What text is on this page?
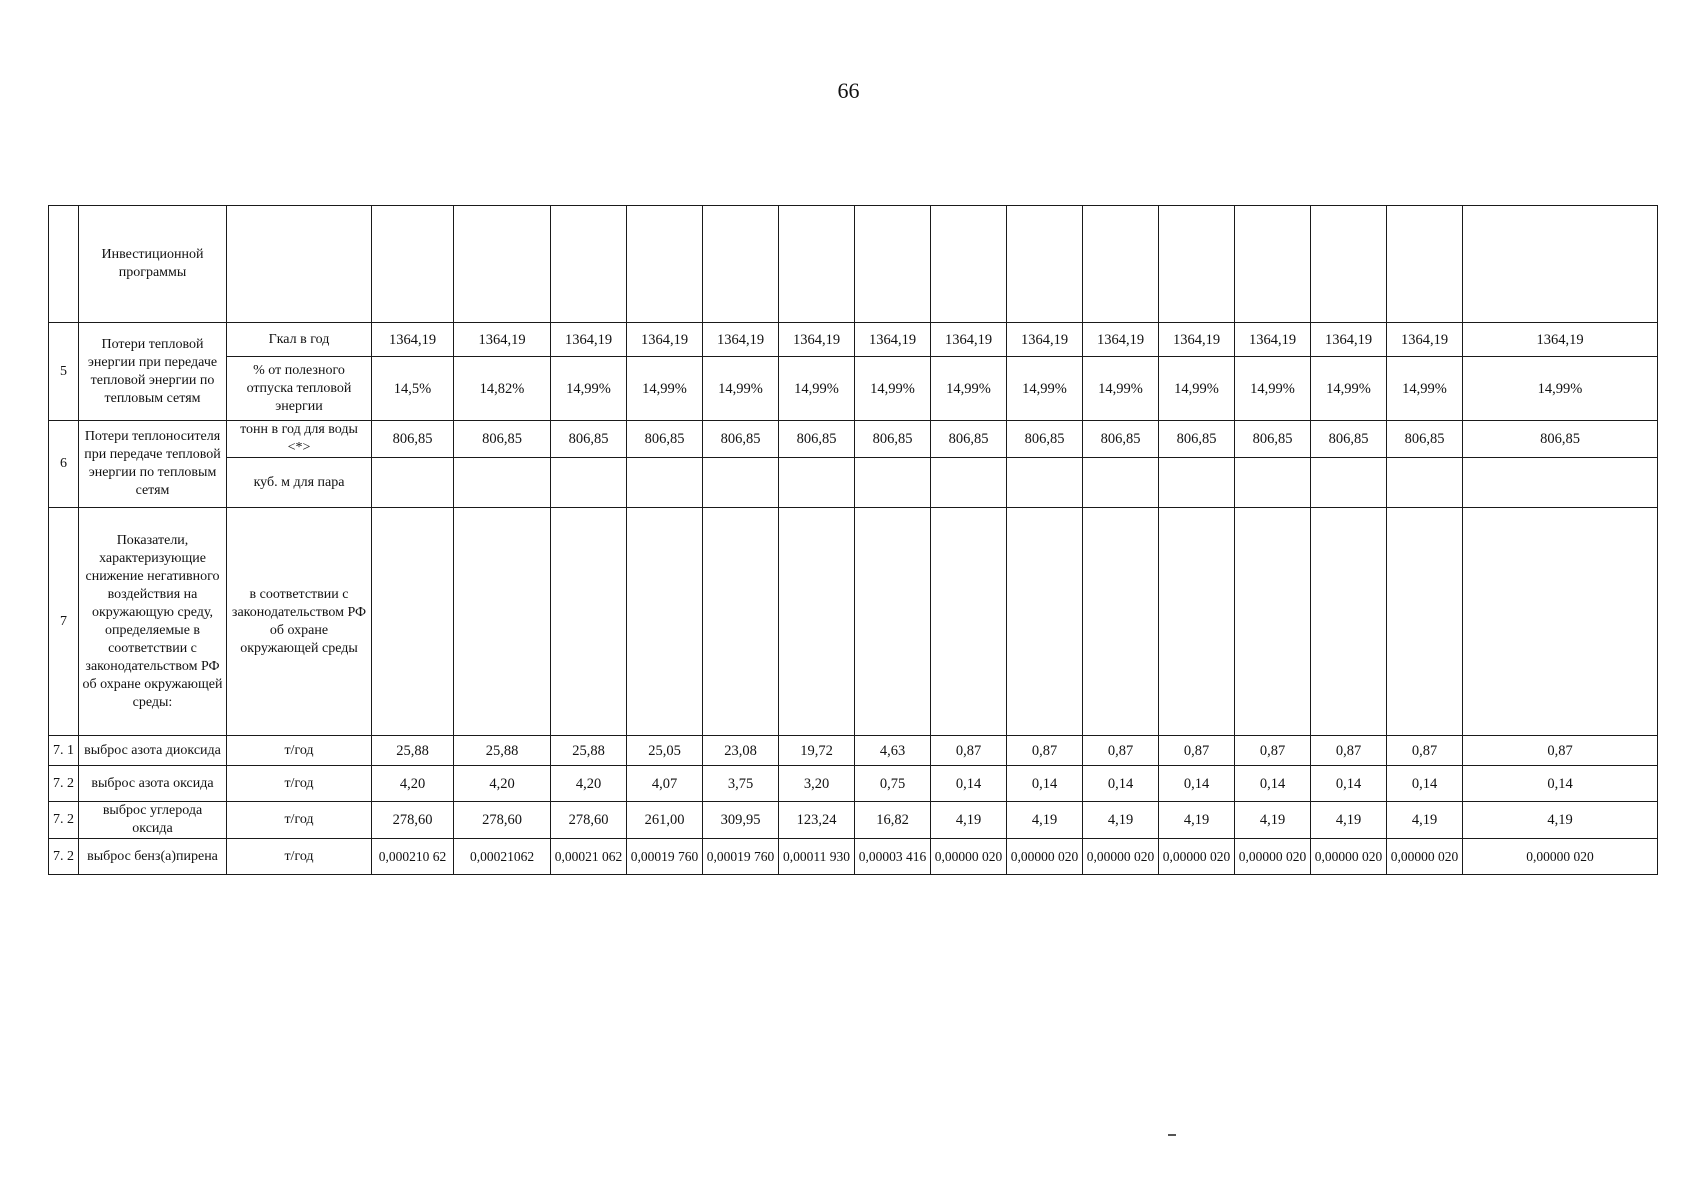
66
	Инвестиционной программы																
5	Потери тепловой энергии при передаче тепловой энергии по тепловым сетям	Гкал в год	1364,19	1364,19	1364,19	1364,19	1364,19	1364,19	1364,19	1364,19	1364,19	1364,19	1364,19	1364,19	1364,19	1364,19	1364,19
		% от полезного отпуска тепловой энергии	14,5%	14,82%	14,99%	14,99%	14,99%	14,99%	14,99%	14,99%	14,99%	14,99%	14,99%	14,99%	14,99%	14,99%	14,99%
6	Потери теплоносителя при передаче тепловой энергии по тепловым сетям	тонн в год для воды <*>	806,85	806,85	806,85	806,85	806,85	806,85	806,85	806,85	806,85	806,85	806,85	806,85	806,85	806,85	806,85
		куб. м для пара															
7	Показатели, характеризующие снижение негативного воздействия на окружающую среду, определяемые в соответствии с законодательством РФ об охране окружающей среды:	в соответствии с законодательством РФ об охране окружающей среды															
7. 1	выброс азота диоксида	т/год	25,88	25,88	25,88	25,05	23,08	19,72	4,63	0,87	0,87	0,87	0,87	0,87	0,87	0,87	0,87
7. 2	выброс азота оксида	т/год	4,20	4,20	4,20	4,07	3,75	3,20	0,75	0,14	0,14	0,14	0,14	0,14	0,14	0,14	0,14
7. 2	выброс углерода оксида	т/год	278,60	278,60	278,60	261,00	309,95	123,24	16,82	4,19	4,19	4,19	4,19	4,19	4,19	4,19	4,19
7. 2	выброс бенз(а)пирена	т/год	0,000210 62	0,00021062	0,00021 062	0,00019 760	0,00019 760	0,00011 930	0,00003 416	0,00000 020	0,00000 020	0,00000 020	0,00000 020	0,00000 020	0,00000 020	0,00000 020	0,00000 020
